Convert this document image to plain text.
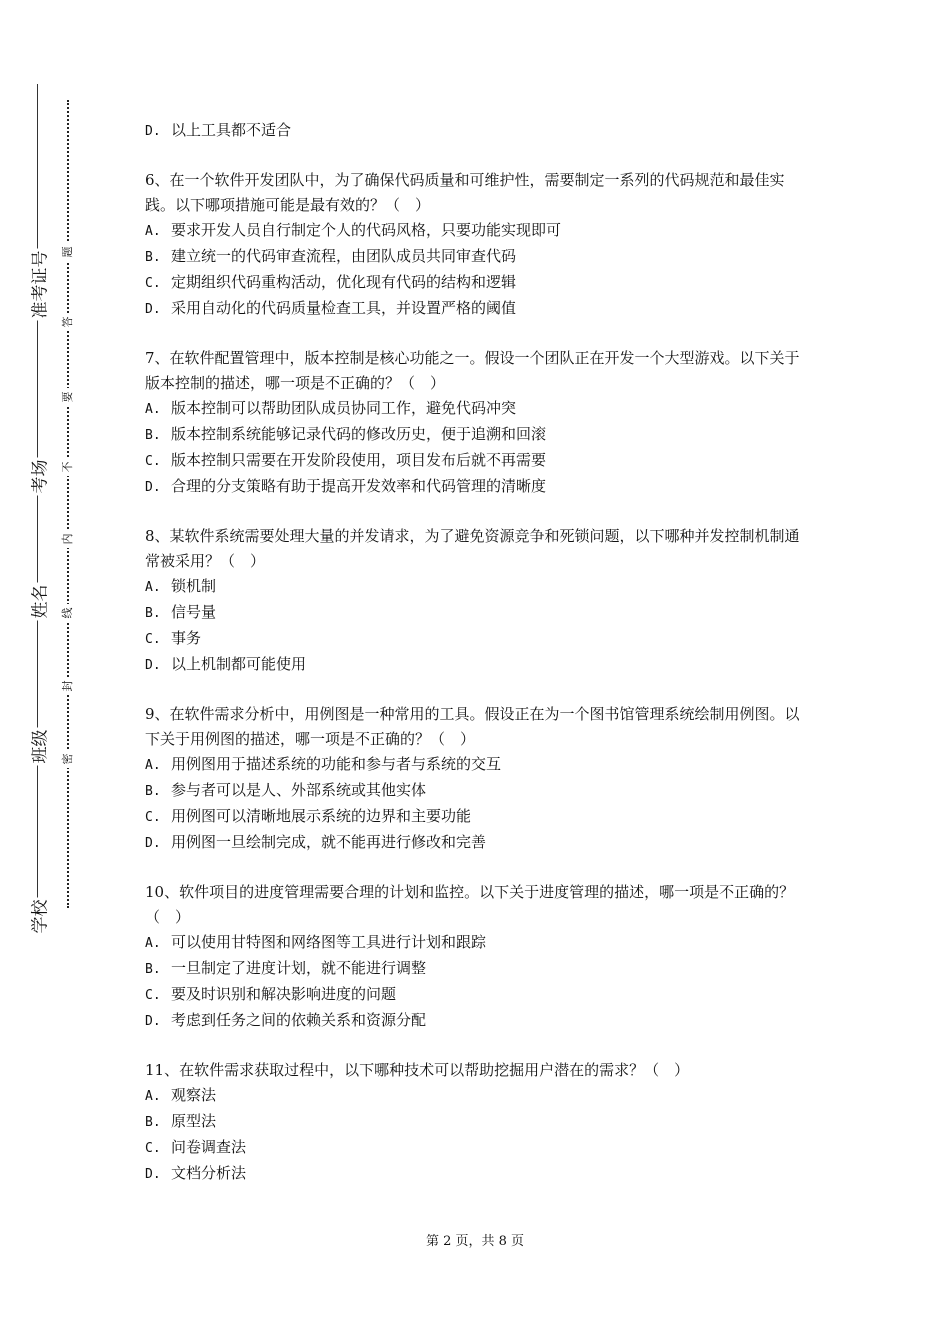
准考证号
考场
姓名
班级
学校
题
答
要
不
内
线
封
密

D. 以上工具都不适合

6、在一个软件开发团队中，为了确保代码质量和可维护性，需要制定一系列的代码规范和最佳实践。以下哪项措施可能是最有效的？（　）

A. 要求开发人员自行制定个人的代码风格，只要功能实现即可

B. 建立统一的代码审查流程，由团队成员共同审查代码

C. 定期组织代码重构活动，优化现有代码的结构和逻辑

D. 采用自动化的代码质量检查工具，并设置严格的阈值

7、在软件配置管理中，版本控制是核心功能之一。假设一个团队正在开发一个大型游戏。以下关于版本控制的描述，哪一项是不正确的？（　）

A. 版本控制可以帮助团队成员协同工作，避免代码冲突

B. 版本控制系统能够记录代码的修改历史，便于追溯和回滚

C. 版本控制只需要在开发阶段使用，项目发布后就不再需要

D. 合理的分支策略有助于提高开发效率和代码管理的清晰度

8、某软件系统需要处理大量的并发请求，为了避免资源竞争和死锁问题，以下哪种并发控制机制通常被采用？（　）

A. 锁机制

B. 信号量

C. 事务

D. 以上机制都可能使用

9、在软件需求分析中，用例图是一种常用的工具。假设正在为一个图书馆管理系统绘制用例图。以下关于用例图的描述，哪一项是不正确的？（　）

A. 用例图用于描述系统的功能和参与者与系统的交互

B. 参与者可以是人、外部系统或其他实体

C. 用例图可以清晰地展示系统的边界和主要功能

D. 用例图一旦绘制完成，就不能再进行修改和完善

10、软件项目的进度管理需要合理的计划和监控。以下关于进度管理的描述，哪一项是不正确的？（　）

A. 可以使用甘特图和网络图等工具进行计划和跟踪

B. 一旦制定了进度计划，就不能进行调整

C. 要及时识别和解决影响进度的问题

D. 考虑到任务之间的依赖关系和资源分配

11、在软件需求获取过程中，以下哪种技术可以帮助挖掘用户潜在的需求？（　）

A. 观察法

B. 原型法

C. 问卷调查法

D. 文档分析法

第 2 页，共 8 页
